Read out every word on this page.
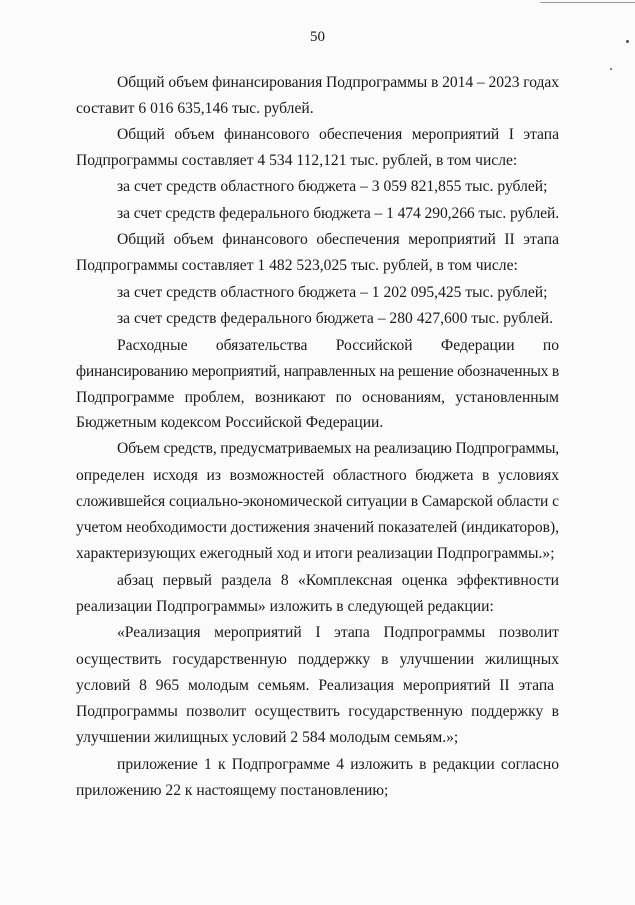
50
Общий объем финансирования Подпрограммы в 2014 – 2023 годах
составит 6 016 635,146 тыс. рублей.
Общий объем финансового обеспечения мероприятий I этапа
Подпрограммы составляет 4 534 112,121 тыс. рублей, в том числе:
за счет средств областного бюджета – 3 059 821,855 тыс. рублей;
за счет средств федерального бюджета – 1 474 290,266 тыс. рублей.
Общий объем финансового обеспечения мероприятий II этапа
Подпрограммы составляет 1 482 523,025 тыс. рублей, в том числе:
за счет средств областного бюджета – 1 202 095,425 тыс. рублей;
за счет средств федерального бюджета – 280 427,600 тыс. рублей.
Расходные обязательства Российской Федерации по
финансированию мероприятий, направленных на решение обозначенных в
Подпрограмме проблем, возникают по основаниям, установленным
Бюджетным кодексом Российской Федерации.
Объем средств, предусматриваемых на реализацию Подпрограммы,
определен исходя из возможностей областного бюджета в условиях
сложившейся социально-экономической ситуации в Самарской области с
учетом необходимости достижения значений показателей (индикаторов),
характеризующих ежегодный ход и итоги реализации Подпрограммы.»;
абзац первый раздела 8 «Комплексная оценка эффективности
реализации Подпрограммы» изложить в следующей редакции:
«Реализация мероприятий I этапа Подпрограммы позволит
осуществить государственную поддержку в улучшении жилищных
условий 8 965 молодым семьям. Реализация мероприятий II этапа
Подпрограммы позволит осуществить государственную поддержку в
улучшении жилищных условий 2 584 молодым семьям.»;
приложение 1 к Подпрограмме 4 изложить в редакции согласно
приложению 22 к настоящему постановлению;
